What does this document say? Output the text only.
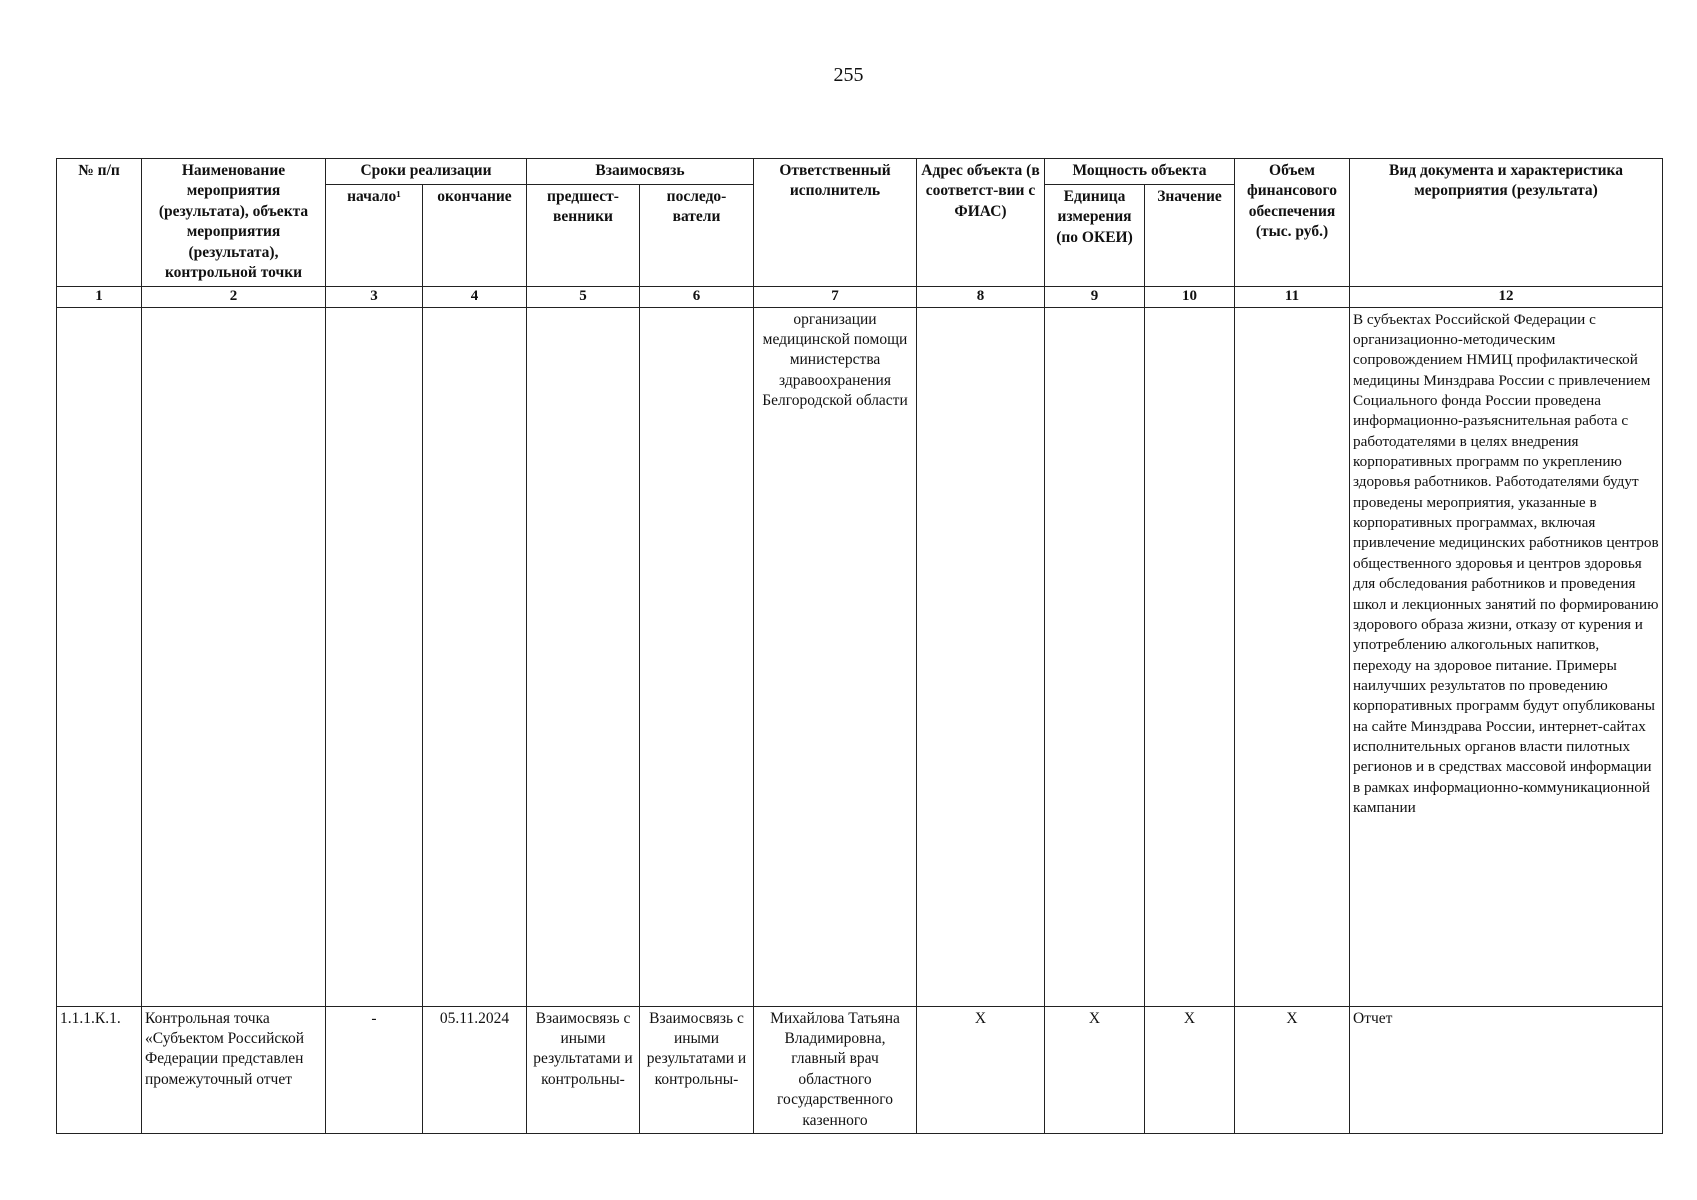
255
№ п/п	Наименование мероприятия (результата), объекта мероприятия (результата), контрольной точки	Сроки реализации		Взаимосвязь		Ответственный исполнитель	Адрес объекта (в соответст-вии с ФИАС)	Мощность объекта		Объем финансового обеспечения (тыс. руб.)	Вид документа и характеристика мероприятия (результата)
		начало¹	окончание	предшест-венники	последо-ватели			Единица измерения (по ОКЕИ)	Значение		
1	2	3	4	5	6	7	8	9	10	11	12
						организации медицинской помощи министерства здравоохранения Белгородской области					В субъектах Российской Федерации с организационно-методическим сопровождением НМИЦ профилактической медицины Минздрава России с привлечением Социального фонда России проведена информационно-разъяснительная работа с работодателями в целях внедрения корпоративных программ по укреплению здоровья работников. Работодателями будут проведены мероприятия, указанные в корпоративных программах, включая привлечение медицинских работников центров общественного здоровья и центров здоровья для обследования работников и проведения школ и лекционных занятий по формированию здорового образа жизни, отказу от курения и употреблению алкогольных напитков, переходу на здоровое питание. Примеры наилучших результатов по проведению корпоративных программ будут опубликованы на сайте Минздрава России, интернет-сайтах исполнительных органов власти пилотных регионов и в средствах массовой информации в рамках информационно-коммуникационной кампании
1.1.1.К.1.	Контрольная точка «Субъектом Российской Федерации представлен промежуточный отчет	-	05.11.2024	Взаимосвязь с иными результатами и контрольны-	Взаимосвязь с иными результатами и контрольны-	Михайлова Татьяна Владимировна, главный врач областного государственного казенного	X	X	X	X	Отчет
